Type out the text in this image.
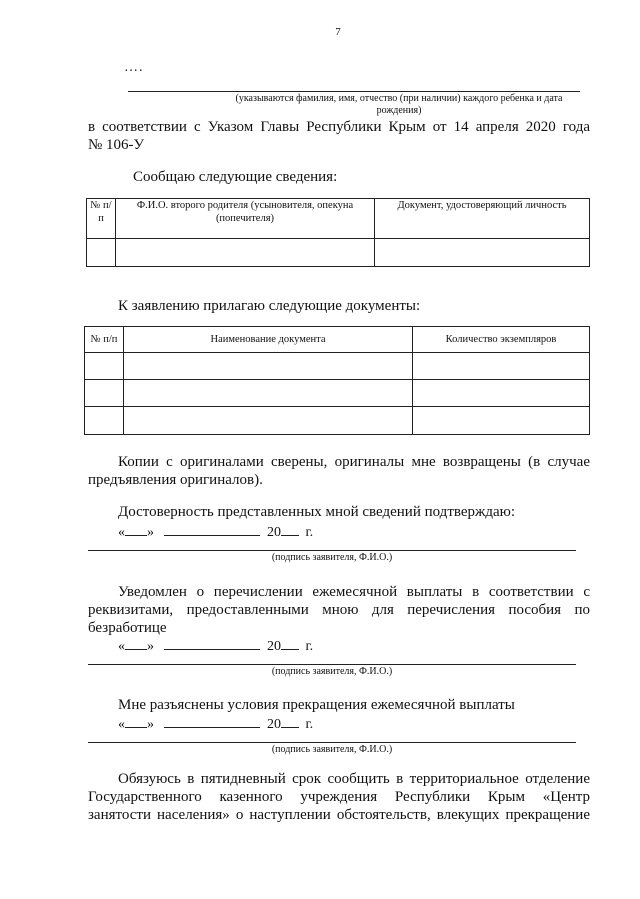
7
….
(указываются фамилия, имя, отчество (при наличии) каждого ребенка и дата рождения)
в соответствии с Указом Главы Республики Крым от 14 апреля 2020 года
№ 106-У
Сообщаю следующие сведения:
№ п/п	Ф.И.О. второго родителя (усыновителя, опекуна (попечителя)	Документ, удостоверяющий личность

К заявлению прилагаю следующие документы:
№ п/п	Наименование документа	Количество экземпляров

Копии с оригиналами сверены, оригиналы мне возвращены (в случае
предъявления оригиналов).
Достоверность представленных мной сведений подтверждаю:
« »	20 г.
(подпись заявителя, Ф.И.О.)
Уведомлен о перечислении ежемесячной выплаты в соответствии с
реквизитами, предоставленными мною для перечисления пособия по
безработице
« »	20 г.
(подпись заявителя, Ф.И.О.)
Мне разъяснены условия прекращения ежемесячной выплаты
« »	20 г.
(подпись заявителя, Ф.И.О.)
Обязуюсь в пятидневный срок сообщить в территориальное отделение
Государственного казенного учреждения Республики Крым «Центр
занятости населения» о наступлении обстоятельств, влекущих прекращение
